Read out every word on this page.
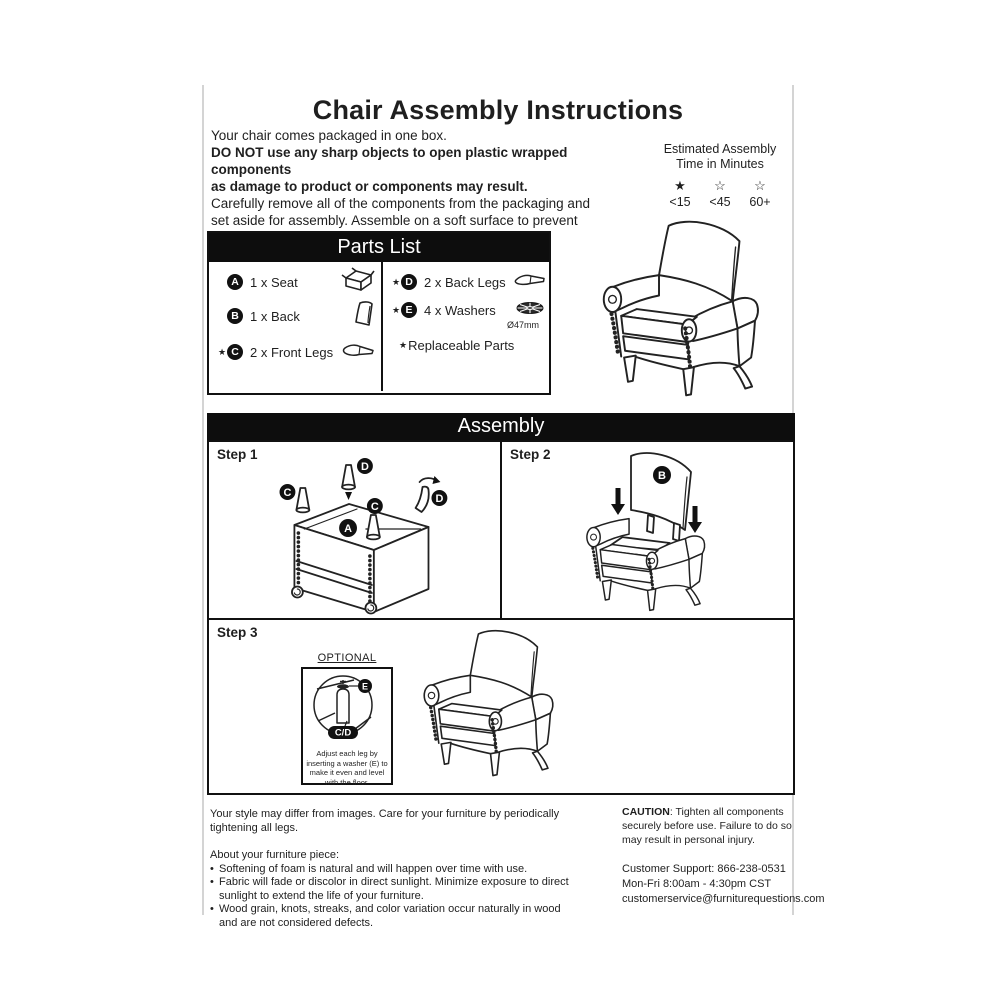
Chair Assembly Instructions
Your chair comes packaged in one box.
DO NOT use any sharp objects to open plastic wrapped components
as damage to product or components may result.
Carefully remove all of the components from the packaging and
set aside for assembly. Assemble on a soft surface to prevent
Estimated Assembly
Time in Minutes
★
<15
☆
<45
☆
60+
Parts List
A 1 x Seat
B 1 x Back
★ C 2 x Front Legs
★ D 2 x Back Legs
★ E 4 x Washers
Ø47mm
★ Replaceable Parts
Assembly
C
D
C
D
A
Step 1
B
Step 2
Step 3
OPTIONAL
E
C/D
Adjust each leg by inserting a washer (E) to make it even and level with the floor.
Your style may differ from images. Care for your furniture by periodically tightening all legs.
About your furniture piece:
• Softening of foam is natural and will happen over time with use.
• Fabric will fade or discolor in direct sunlight. Minimize exposure to direct sunlight to extend the life of your furniture.
• Wood grain, knots, streaks, and color variation occur naturally in wood and are not considered defects.
CAUTION: Tighten all components securely before use. Failure to do so may result in personal injury.
Customer Support: 866-238-0531
Mon-Fri 8:00am - 4:30pm CST
customerservice@furniturequestions.com
